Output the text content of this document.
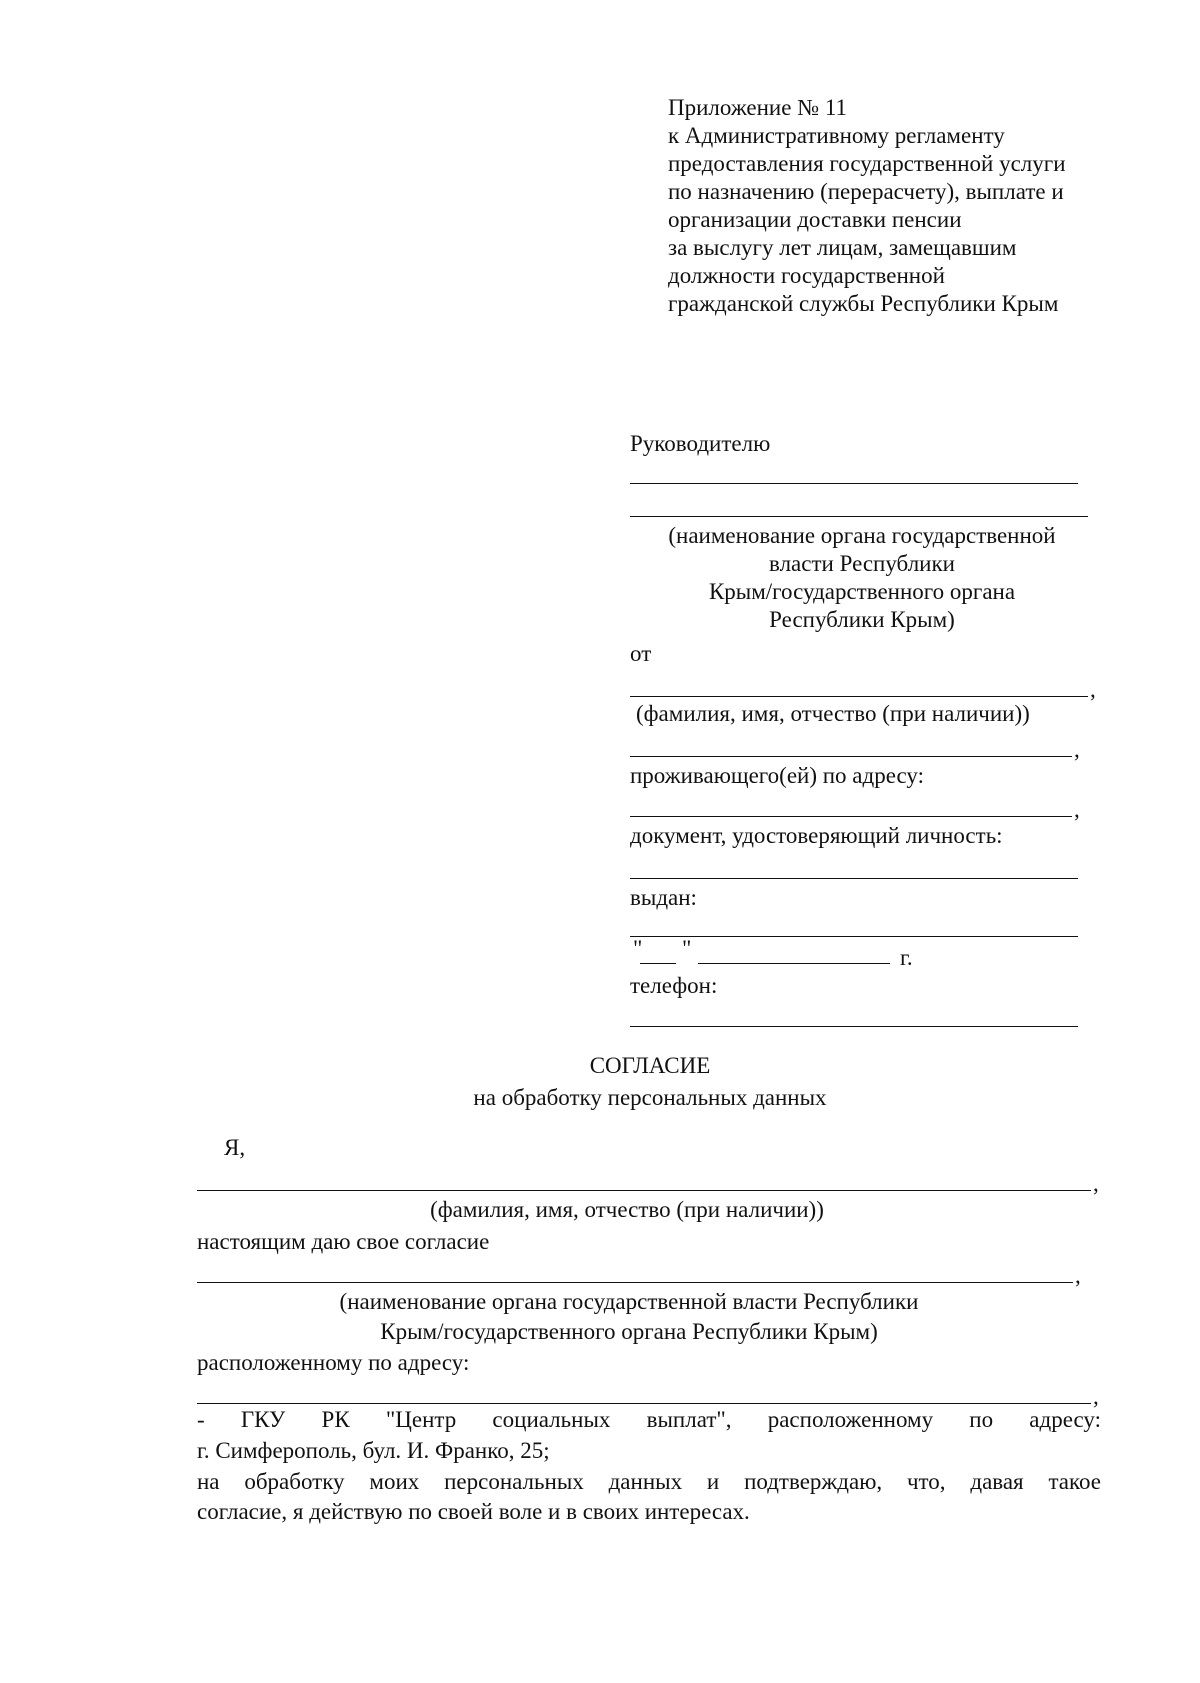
Приложение № 11
к Административному регламенту
предоставления государственной услуги
по назначению (перерасчету), выплате и
организации доставки пенсии
за выслугу лет лицам, замещавшим
должности государственной
гражданской службы Республики Крым
Руководителю
(наименование органа государственной
власти Республики
Крым/государственного органа
Республики Крым)
от
,
(фамилия, имя, отчество (при наличии))
,
проживающего(ей) по адресу:
,
документ, удостоверяющий личность:
выдан:
" "	г.
телефон:
СОГЛАСИЕ
на обработку персональных данных
Я,
,
(фамилия, имя, отчество (при наличии))
настоящим даю свое согласие
,
(наименование органа государственной власти Республики
Крым/государственного органа Республики Крым)
расположенному по адресу:
,
- ГКУ РК "Центр социальных выплат", расположенному по адресу:
г. Симферополь, бул. И. Франко, 25;
на обработку моих персональных данных и подтверждаю, что, давая такое
согласие, я действую по своей воле и в своих интересах.
